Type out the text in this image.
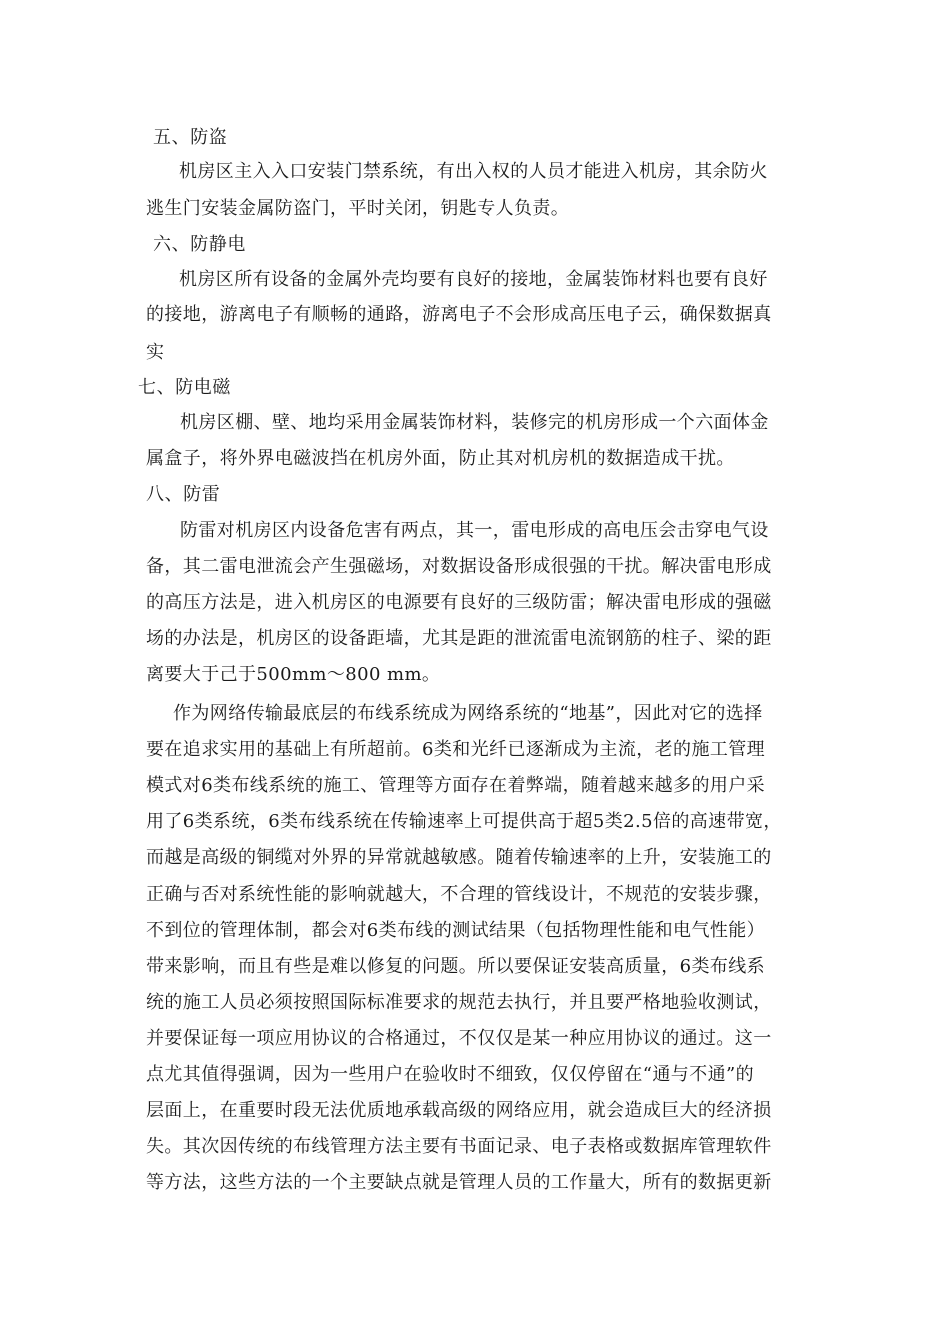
五、防盗
机房区主入入口安装门禁系统，有出入权的人员才能进入机房，其余防火
逃生门安装金属防盗门，平时关闭，钥匙专人负责。
六、防静电
机房区所有设备的金属外壳均要有良好的接地，金属装饰材料也要有良好
的接地，游离电子有顺畅的通路，游离电子不会形成高压电子云，确保数据真
实
七、防电磁
机房区棚、壁、地均采用金属装饰材料，装修完的机房形成一个六面体金
属盒子，将外界电磁波挡在机房外面，防止其对机房机的数据造成干扰。
八、防雷
防雷对机房区内设备危害有两点，其一，雷电形成的高电压会击穿电气设
备，其二雷电泄流会产生强磁场，对数据设备形成很强的干扰。解决雷电形成
的高压方法是，进入机房区的电源要有良好的三级防雷；解决雷电形成的强磁
场的办法是，机房区的设备距墙，尤其是距的泄流雷电流钢筋的柱子、梁的距
离要大于己于500mm～800 mm。
作为网络传输最底层的布线系统成为网络系统的“地基”，因此对它的选择
要在追求实用的基础上有所超前。6类和光纤已逐渐成为主流，老的施工管理
模式对6类布线系统的施工、管理等方面存在着弊端，随着越来越多的用户采
用了6类系统，6类布线系统在传输速率上可提供高于超5类2.5倍的高速带宽，
而越是高级的铜缆对外界的异常就越敏感。随着传输速率的上升，安装施工的
正确与否对系统性能的影响就越大，不合理的管线设计，不规范的安装步骤，
不到位的管理体制，都会对6类布线的测试结果（包括物理性能和电气性能）
带来影响，而且有些是难以修复的问题。所以要保证安装高质量，6类布线系
统的施工人员必须按照国际标准要求的规范去执行，并且要严格地验收测试，
并要保证每一项应用协议的合格通过，不仅仅是某一种应用协议的通过。这一
点尤其值得强调，因为一些用户在验收时不细致，仅仅停留在“通与不通”的
层面上，在重要时段无法优质地承载高级的网络应用，就会造成巨大的经济损
失。其次因传统的布线管理方法主要有书面记录、电子表格或数据库管理软件
等方法，这些方法的一个主要缺点就是管理人员的工作量大，所有的数据更新
